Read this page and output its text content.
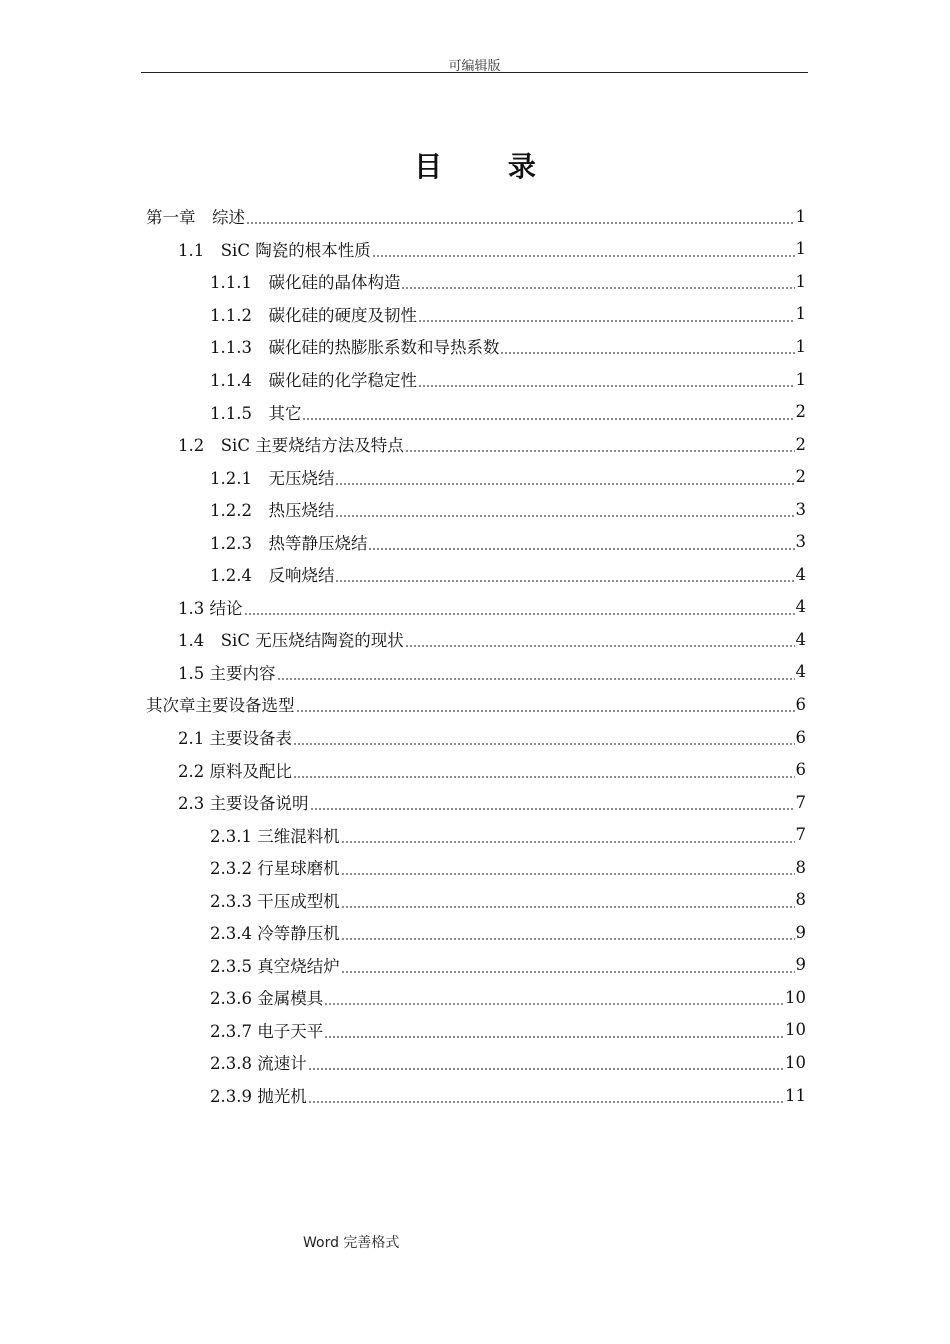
可编辑版
目 录
第一章　综述	1
1.1　SiC 陶瓷的根本性质	1
1.1.1　碳化硅的晶体构造	1
1.1.2　碳化硅的硬度及韧性	1
1.1.3　碳化硅的热膨胀系数和导热系数	1
1.1.4　碳化硅的化学稳定性	1
1.1.5　其它	2
1.2　SiC 主要烧结方法及特点	2
1.2.1　无压烧结	2
1.2.2　热压烧结	3
1.2.3　热等静压烧结	3
1.2.4　反响烧结	4
1.3 结论	4
1.4　SiC 无压烧结陶瓷的现状	4
1.5 主要内容	4
其次章主要设备选型	6
2.1 主要设备表	6
2.2 原料及配比	6
2.3 主要设备说明	7
2.3.1 三维混料机	7
2.3.2 行星球磨机	8
2.3.3 干压成型机	8
2.3.4 冷等静压机	9
2.3.5 真空烧结炉	9
2.3.6 金属模具	10
2.3.7 电子天平	10
2.3.8 流速计	10
2.3.9 抛光机	11
Word 完善格式
